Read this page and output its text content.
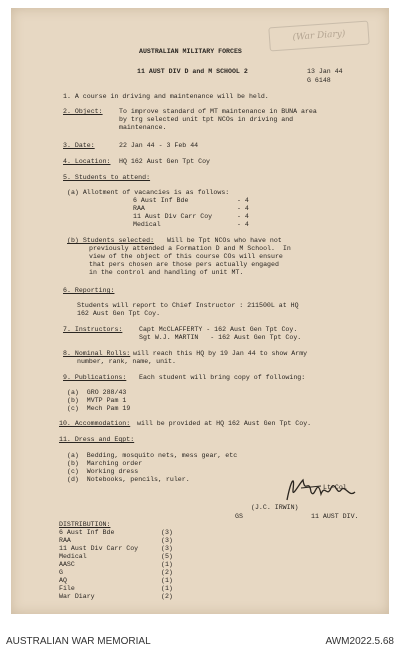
(War Diary)
AUSTRALIAN MILITARY FORCES
11 AUST DIV D and M SCHOOL 2	13 Jan 44
G 6148
1. A course in driving and maintenance will be held.
2. Object: To improve standard of MT maintenance in BUNA area
by trg selected unit tpt NCOs in driving and
maintenance.
3. Date:	22 Jan 44 - 3 Feb 44
4. Location: HQ 162 Aust Gen Tpt Coy
5. Students to attend:
(a) Allotment of vacancies is as follows:
6 Aust Inf Bde	- 4
RAA	- 4
11 Aust Div Carr Coy	- 4
Medical	- 4
(b) Students selected: Will be Tpt NCOs who have not
previously attended a Formation D and M School.  In
view of the object of this course COs will ensure
that pers chosen are those pers actually engaged
in the control and handling of unit MT.
6. Reporting:
Students will report to Chief Instructor : 211500L at HQ
162 Aust Gen Tpt Coy.
7. Instructors:	Capt McCLAFFERTY - 162 Aust Gen Tpt Coy.
Sgt W.J. MARTIN   - 162 Aust Gen Tpt Coy.
8. Nominal Rolls: will reach this HQ by 19 Jan 44 to show Army
number, rank, name, unit.
9. Publications: Each student will bring copy of following:
(a)  GRO 288/43
(b)  MVTP Pam 1
(c)  Mech Pam 19
10. Accommodation: will be provided at HQ 162 Aust Gen Tpt Coy.
11. Dress and Eqpt:
(a)  Bedding, mosquito nets, mess gear, etc
(b)  Marching order
(c)  Working dress
(d)  Notebooks, pencils, ruler.
Lt-Col
(J.C. IRWIN)
GS	11 AUST DIV.
DISTRIBUTION:
6 Aust Inf Bde	(3)
RAA	(3)
11 Aust Div Carr Coy	(3)
Medical	(5)
AASC	(1)
G	(2)
AQ	(1)
File	(1)
War Diary	(2)
AUSTRALIAN WAR MEMORIAL	AWM2022.5.68
